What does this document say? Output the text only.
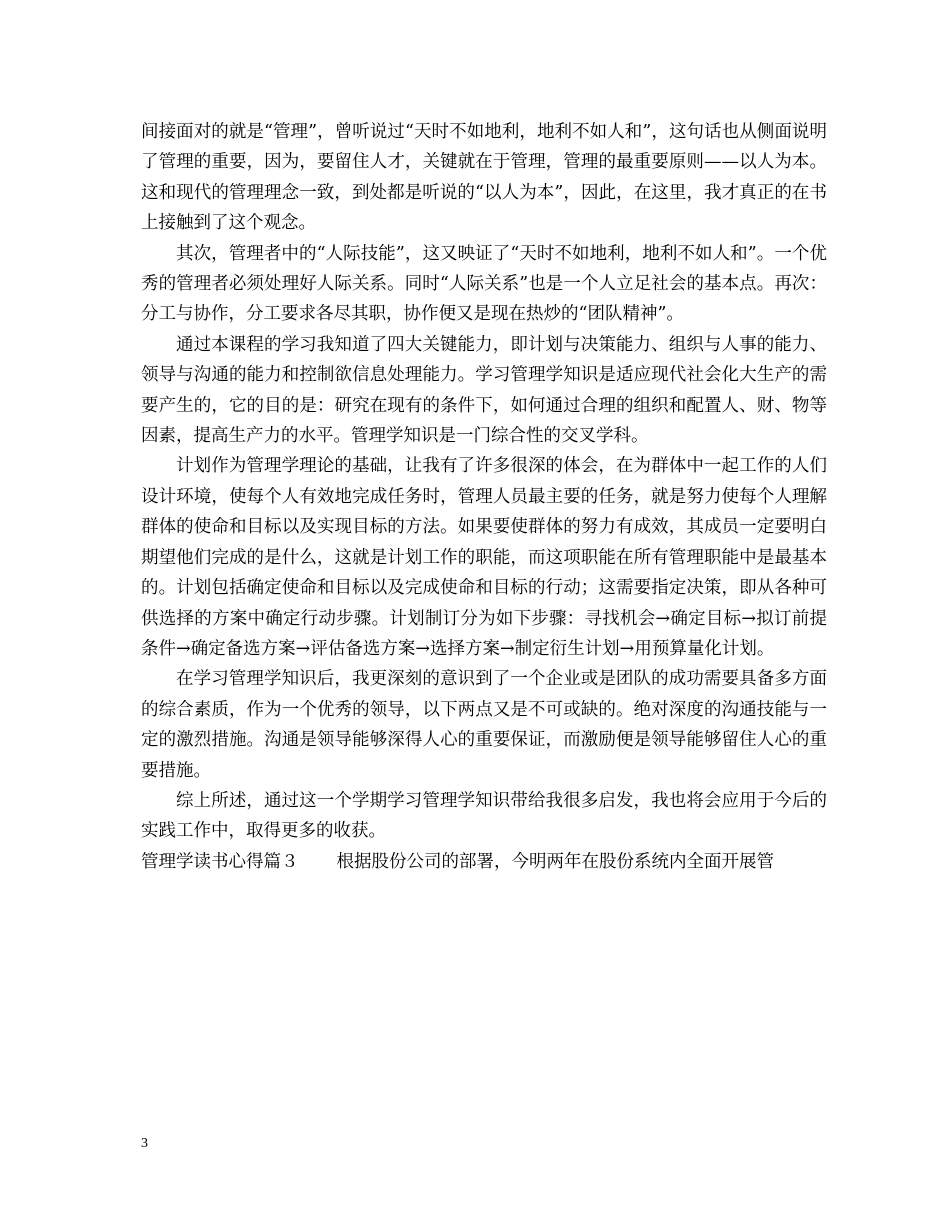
间接面对的就是“管理”，曾听说过“天时不如地利，地利不如人和”，这句话也从侧面说明了管理的重要，因为，要留住人才，关键就在于管理，管理的最重要原则——以人为本。这和现代的管理理念一致，到处都是听说的“以人为本”，因此，在这里，我才真正的在书上接触到了这个观念。

其次，管理者中的“人际技能”，这又映证了“天时不如地利，地利不如人和”。一个优秀的管理者必须处理好人际关系。同时“人际关系”也是一个人立足社会的基本点。再次：分工与协作，分工要求各尽其职，协作便又是现在热炒的“团队精神”。

通过本课程的学习我知道了四大关键能力，即计划与决策能力、组织与人事的能力、领导与沟通的能力和控制欲信息处理能力。学习管理学知识是适应现代社会化大生产的需要产生的，它的目的是：研究在现有的条件下，如何通过合理的组织和配置人、财、物等因素，提高生产力的水平。管理学知识是一门综合性的交叉学科。

计划作为管理学理论的基础，让我有了许多很深的体会，在为群体中一起工作的人们设计环境，使每个人有效地完成任务时，管理人员最主要的任务，就是努力使每个人理解群体的使命和目标以及实现目标的方法。如果要使群体的努力有成效，其成员一定要明白期望他们完成的是什么，这就是计划工作的职能，而这项职能在所有管理职能中是最基本的。计划包括确定使命和目标以及完成使命和目标的行动；这需要指定决策，即从各种可供选择的方案中确定行动步骤。计划制订分为如下步骤：寻找机会→确定目标→拟订前提条件→确定备选方案→评估备选方案→选择方案→制定衍生计划→用预算量化计划。

在学习管理学知识后，我更深刻的意识到了一个企业或是团队的成功需要具备多方面的综合素质，作为一个优秀的领导，以下两点又是不可或缺的。绝对深度的沟通技能与一定的激烈措施。沟通是领导能够深得人心的重要保证，而激励便是领导能够留住人心的重要措施。

综上所述，通过这一个学期学习管理学知识带给我很多启发，我也将会应用于今后的实践工作中，取得更多的收获。

管理学读书心得篇３ 根据股份公司的部署，今明两年在股份系统内全面开展管

3
